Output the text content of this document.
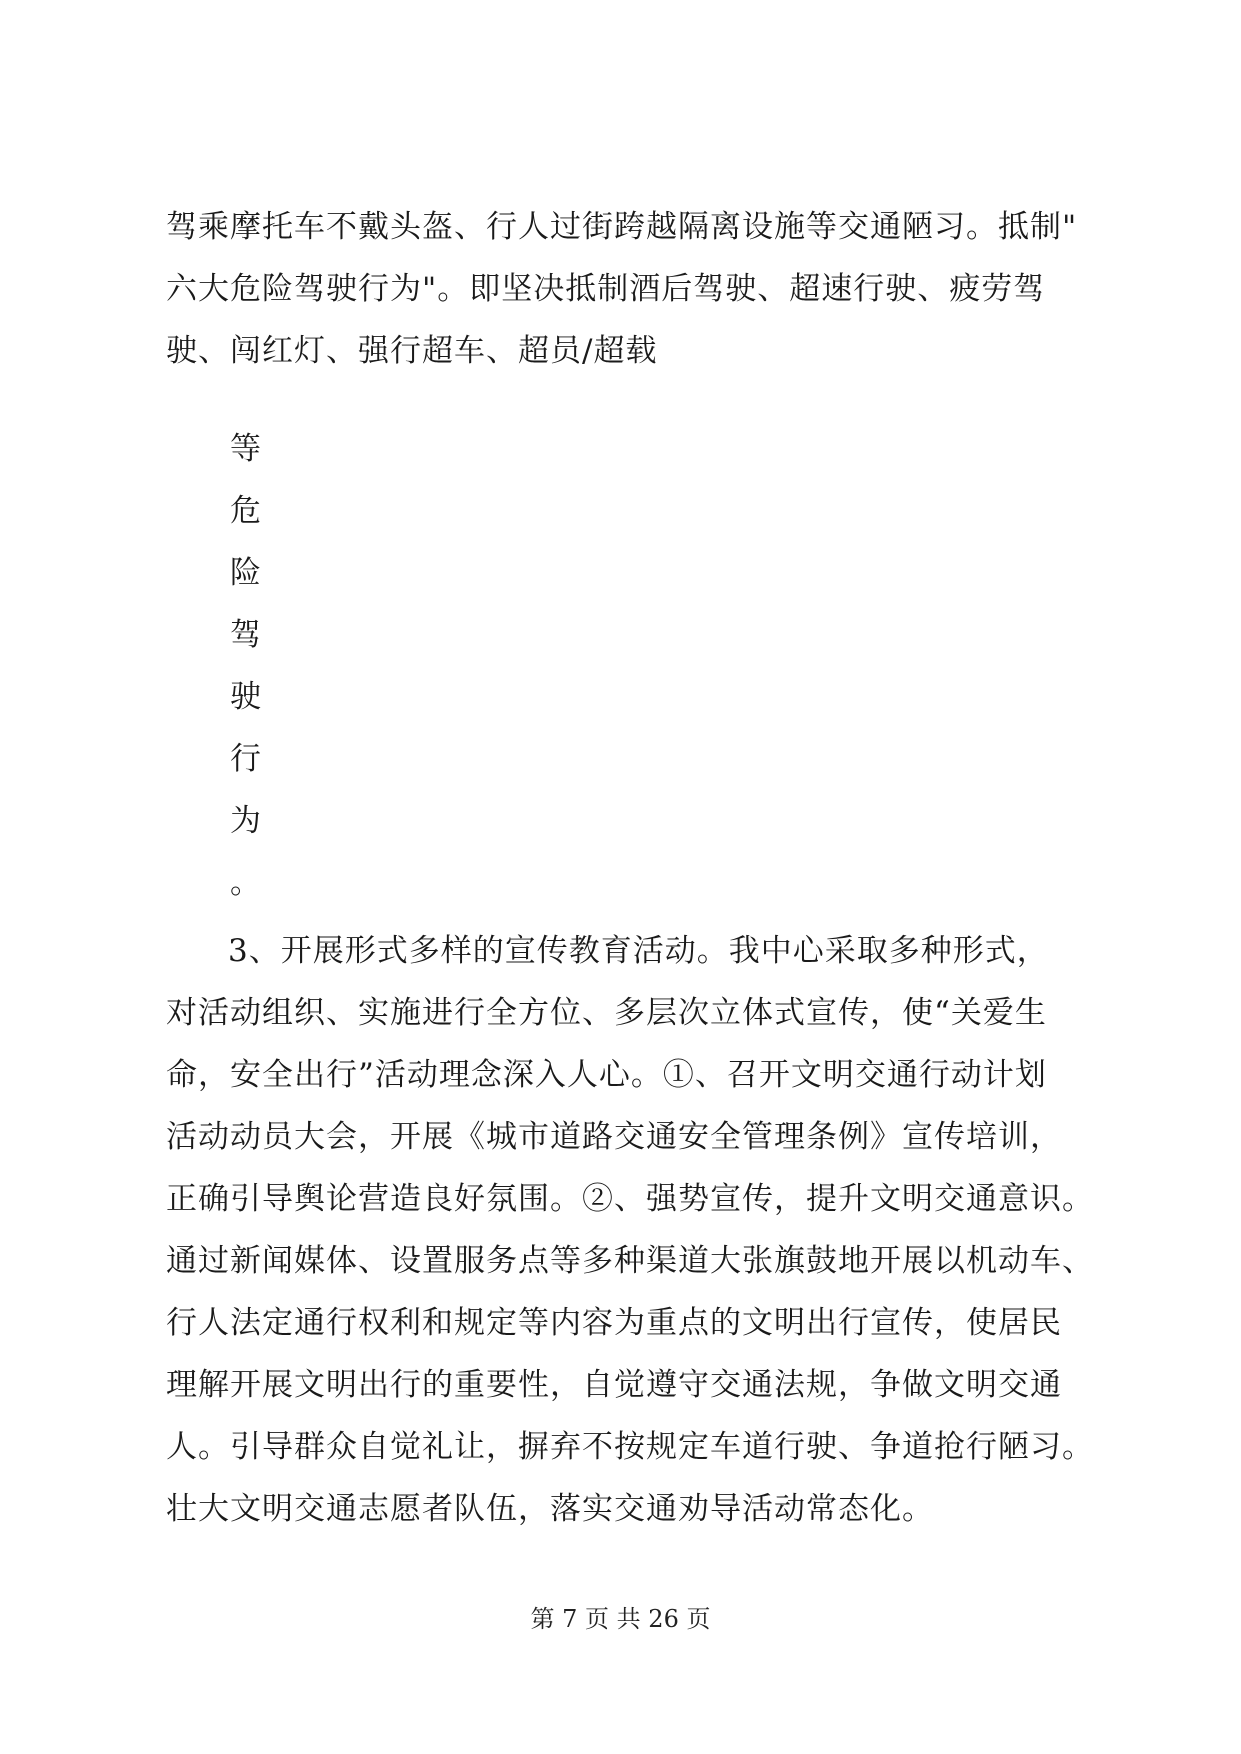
驾乘摩托车不戴头盔、行人过街跨越隔离设施等交通陋习。抵制"
六大危险驾驶行为"。即坚决抵制酒后驾驶、超速行驶、疲劳驾
驶、闯红灯、强行超车、超员/超载
等
危
险
驾
驶
行
为
。
3、开展形式多样的宣传教育活动。我中心采取多种形式，
对活动组织、实施进行全方位、多层次立体式宣传，使“关爱生
命，安全出行”活动理念深入人心。①、召开文明交通行动计划
活动动员大会，开展《城市道路交通安全管理条例》宣传培训，
正确引导舆论营造良好氛围。②、强势宣传，提升文明交通意识。
通过新闻媒体、设置服务点等多种渠道大张旗鼓地开展以机动车、
行人法定通行权利和规定等内容为重点的文明出行宣传，使居民
理解开展文明出行的重要性，自觉遵守交通法规，争做文明交通
人。引导群众自觉礼让，摒弃不按规定车道行驶、争道抢行陋习。
壮大文明交通志愿者队伍，落实交通劝导活动常态化。
第 7 页 共 26 页
